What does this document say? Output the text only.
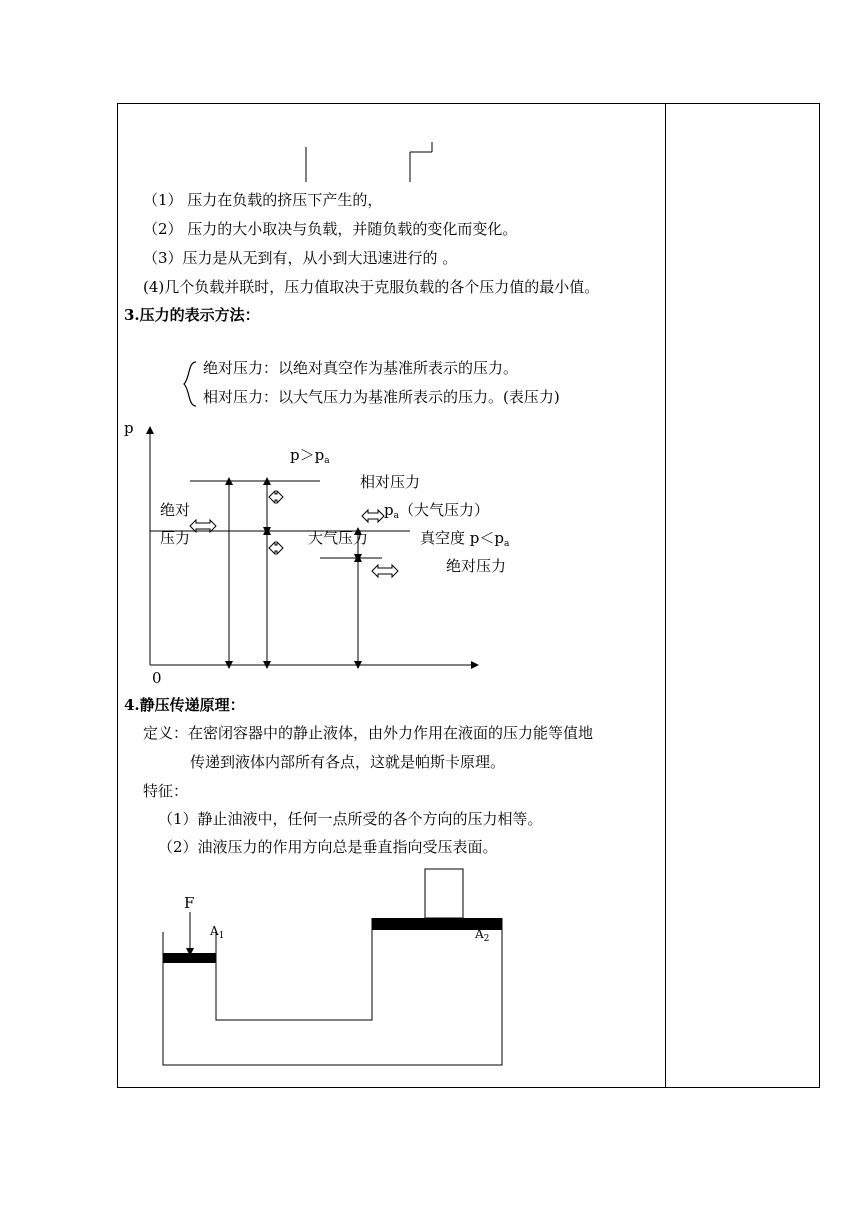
（1） 压力在负载的挤压下产生的，
（2） 压力的大小取决与负载，并随负载的变化而变化。
（3）压力是从无到有，从小到大迅速进行的 。
(4)几个负载并联时，压力值取决于克服负载的各个压力值的最小值。
3.压力的表示方法：
绝对压力：以绝对真空作为基准所表示的压力。
相对压力：以大气压力为基准所表示的压力。(表压力)
p
0
$p>p_a$
相对压力
$p_a$（大气压力）
绝对
压力	大气压力	真空度 $p<p_a$
绝对压力
4.静压传递原理：
定义：在密闭容器中的静止液体，由外力作用在液面的压力能等值地
传递到液体内部所有各点，这就是帕斯卡原理。
特征：
（1）静止油液中，任何一点所受的各个方向的压力相等。
（2）油液压力的作用方向总是垂直指向受压表面。
F
$A_1$	$A_2$
